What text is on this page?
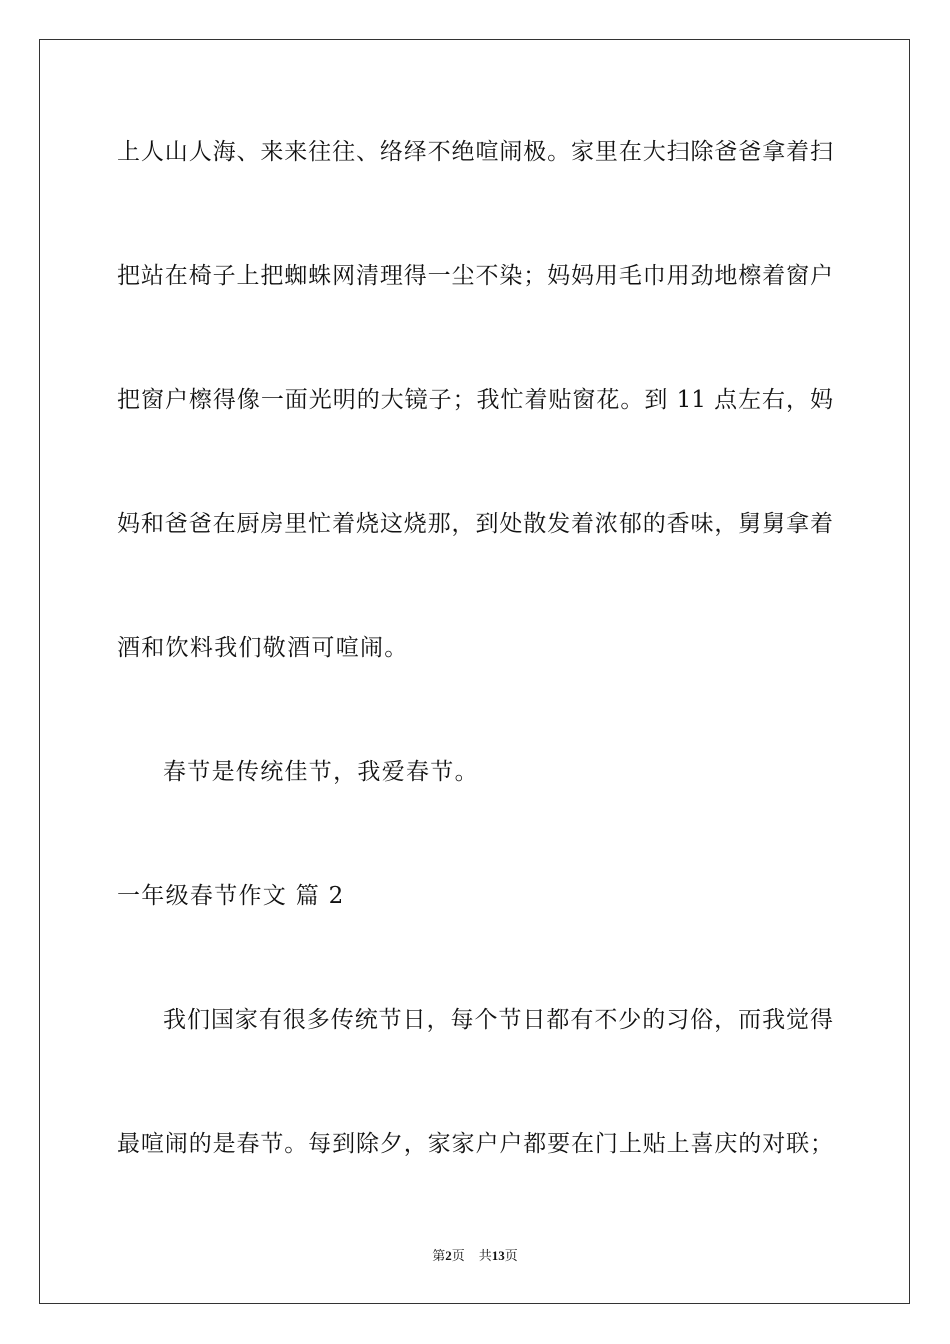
上人山人海、来来往往、络绎不绝喧闹极。家里在大扫除爸爸拿着扫
把站在椅子上把蜘蛛网清理得一尘不染；妈妈用毛巾用劲地檫着窗户
把窗户檫得像一面光明的大镜子；我忙着贴窗花。到 11 点左右，妈
妈和爸爸在厨房里忙着烧这烧那，到处散发着浓郁的香味，舅舅拿着
酒和饮料我们敬酒可喧闹。
春节是传统佳节，我爱春节。
一年级春节作文 篇 2
我们国家有很多传统节日，每个节日都有不少的习俗，而我觉得
最喧闹的是春节。每到除夕，家家户户都要在门上贴上喜庆的对联；
第2页 共13页
